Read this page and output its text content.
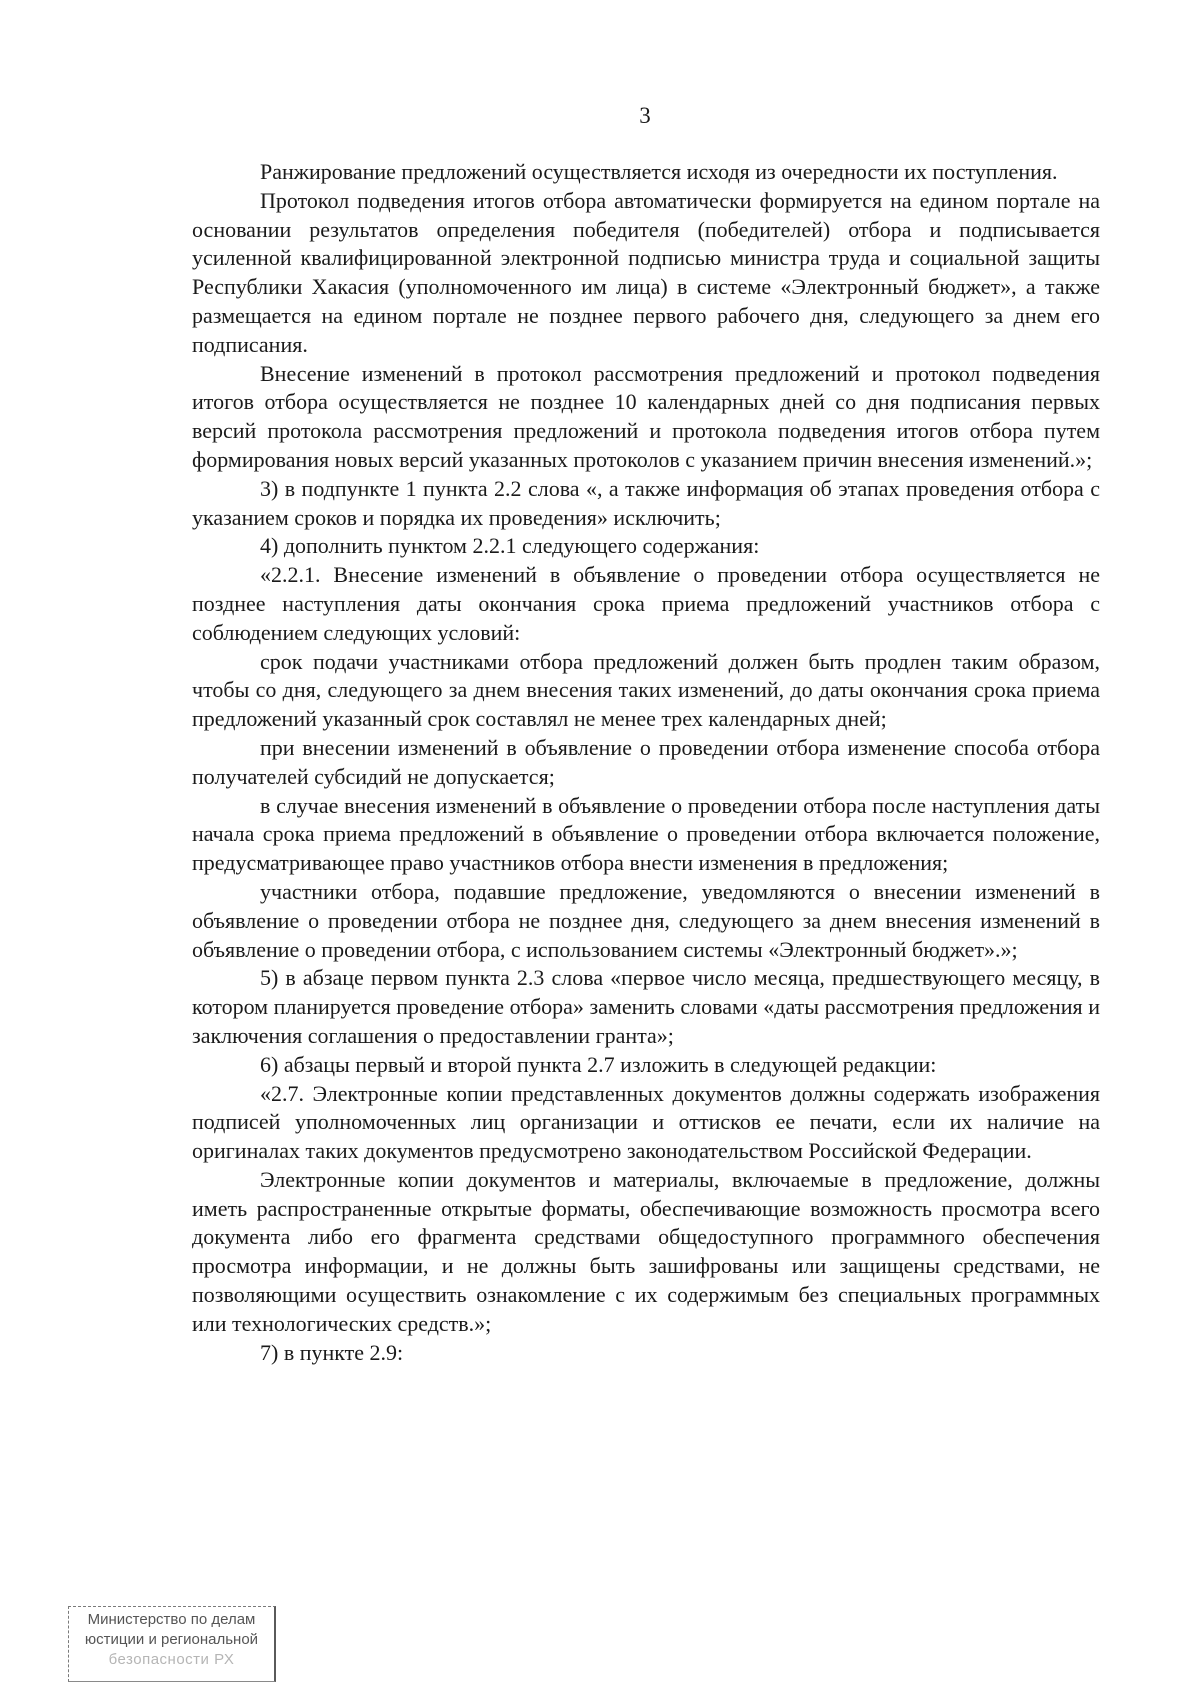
3

Ранжирование предложений осуществляется исходя из очередности их поступления.

Протокол подведения итогов отбора автоматически формируется на едином портале на основании результатов определения победителя (победителей) отбора и подписывается усиленной квалифицированной электронной подписью министра труда и социальной защиты Республики Хакасия (уполномоченного им лица) в системе «Электронный бюджет», а также размещается на едином портале не позднее первого рабочего дня, следующего за днем его подписания.

Внесение изменений в протокол рассмотрения предложений и протокол подведения итогов отбора осуществляется не позднее 10 календарных дней со дня подписания первых версий протокола рассмотрения предложений и протокола подведения итогов отбора путем формирования новых версий указанных протоколов с указанием причин внесения изменений.»;

3) в подпункте 1 пункта 2.2 слова «, а также информация об этапах проведения отбора с указанием сроков и порядка их проведения» исключить;

4) дополнить пунктом 2.2.1 следующего содержания:

«2.2.1. Внесение изменений в объявление о проведении отбора осуществляется не позднее наступления даты окончания срока приема предложений участников отбора с соблюдением следующих условий:

срок подачи участниками отбора предложений должен быть продлен таким образом, чтобы со дня, следующего за днем внесения таких изменений, до даты окончания срока приема предложений указанный срок составлял не менее трех календарных дней;

при внесении изменений в объявление о проведении отбора изменение способа отбора получателей субсидий не допускается;

в случае внесения изменений в объявление о проведении отбора после наступления даты начала срока приема предложений в объявление о проведении отбора включается положение, предусматривающее право участников отбора внести изменения в предложения;

участники отбора, подавшие предложение, уведомляются о внесении изменений в объявление о проведении отбора не позднее дня, следующего за днем внесения изменений в объявление о проведении отбора, с использованием системы «Электронный бюджет».»;

5) в абзаце первом пункта 2.3 слова «первое число месяца, предшествующего месяцу, в котором планируется проведение отбора» заменить словами «даты рассмотрения предложения и заключения соглашения о предоставлении гранта»;

6) абзацы первый и второй пункта 2.7 изложить в следующей редакции:

«2.7. Электронные копии представленных документов должны содержать изображения подписей уполномоченных лиц организации и оттисков ее печати, если их наличие на оригиналах таких документов предусмотрено законодательством Российской Федерации.

Электронные копии документов и материалы, включаемые в предложение, должны иметь распространенные открытые форматы, обеспечивающие возможность просмотра всего документа либо его фрагмента средствами общедоступного программного обеспечения просмотра информации, и не должны быть зашифрованы или защищены средствами, не позволяющими осуществить ознакомление с их содержимым без специальных программных или технологических средств.»;

7) в пункте 2.9:

Министерство по делам
юстиции и региональной
безопасности РХ
